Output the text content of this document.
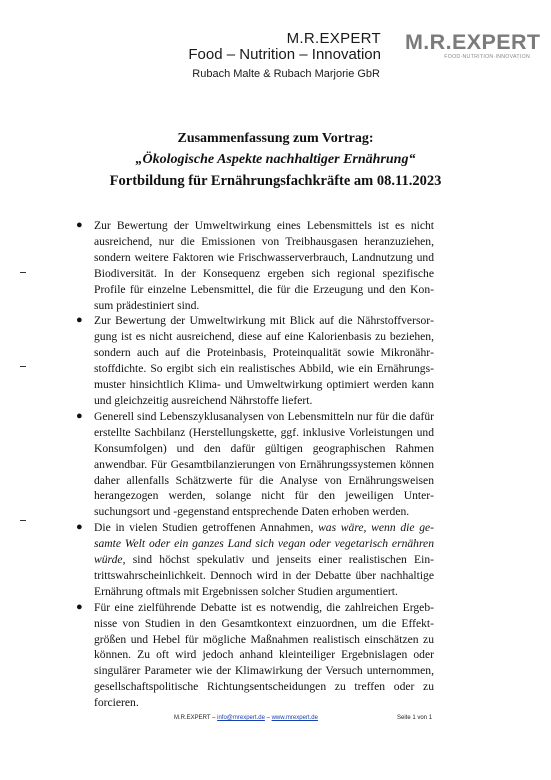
M.R.EXPERT
Food – Nutrition – Innovation
Rubach Malte & Rubach Marjorie GbR
M.R.EXPERT
FOOD·NUTRITION·INNOVATION
Zusammenfassung zum Vortrag:
„Ökologische Aspekte nachhaltiger Ernährung“
Fortbildung für Ernährungsfachkräfte am 08.11.2023
● Zur Bewertung der Umweltwirkung eines Lebensmittels ist es nicht ausreichend, nur die Emissionen von Treibhausgasen heranzuziehen, sondern weitere Faktoren wie Frischwasserverbrauch, Landnutzung und Biodiversität. In der Konsequenz ergeben sich regional spezifische Profile für einzelne Lebensmittel, die für die Erzeugung und den Konsum prädestiniert sind.
● Zur Bewertung der Umweltwirkung mit Blick auf die Nährstoffversorgung ist es nicht ausreichend, diese auf eine Kalorienbasis zu beziehen, sondern auch auf die Proteinbasis, Proteinqualität sowie Mikronährstoffdichte. So ergibt sich ein realistisches Abbild, wie ein Ernährungsmuster hinsichtlich Klima- und Umweltwirkung optimiert werden kann und gleichzeitig ausreichend Nährstoffe liefert.
● Generell sind Lebenszyklusanalysen von Lebensmitteln nur für die dafür erstellte Sachbilanz (Herstellungskette, ggf. inklusive Vorleistungen und Konsumfolgen) und den dafür gültigen geographischen Rahmen anwendbar. Für Gesamtbilanzierungen von Ernährungssystemen können daher allenfalls Schätzwerte für die Analyse von Ernährungsweisen herangezogen werden, solange nicht für den jeweiligen Untersuchungsort und -gegenstand entsprechende Daten erhoben werden.
● Die in vielen Studien getroffenen Annahmen, was wäre, wenn die gesamte Welt oder ein ganzes Land sich vegan oder vegetarisch ernähren würde, sind höchst spekulativ und jenseits einer realistischen Eintrittswahrscheinlichkeit. Dennoch wird in der Debatte über nachhaltige Ernährung oftmals mit Ergebnissen solcher Studien argumentiert.
● Für eine zielführende Debatte ist es notwendig, die zahlreichen Ergebnisse von Studien in den Gesamtkontext einzuordnen, um die Effektgrößen und Hebel für mögliche Maßnahmen realistisch einschätzen zu können. Zu oft wird jedoch anhand kleinteiliger Ergebnislagen oder singulärer Parameter wie der Klimawirkung der Versuch unternommen, gesellschaftspolitische Richtungsentscheidungen zu treffen oder zu forcieren.
M.R.EXPERT – info@mrexpert.de – www.mrexpert.de	Seite 1 von 1
